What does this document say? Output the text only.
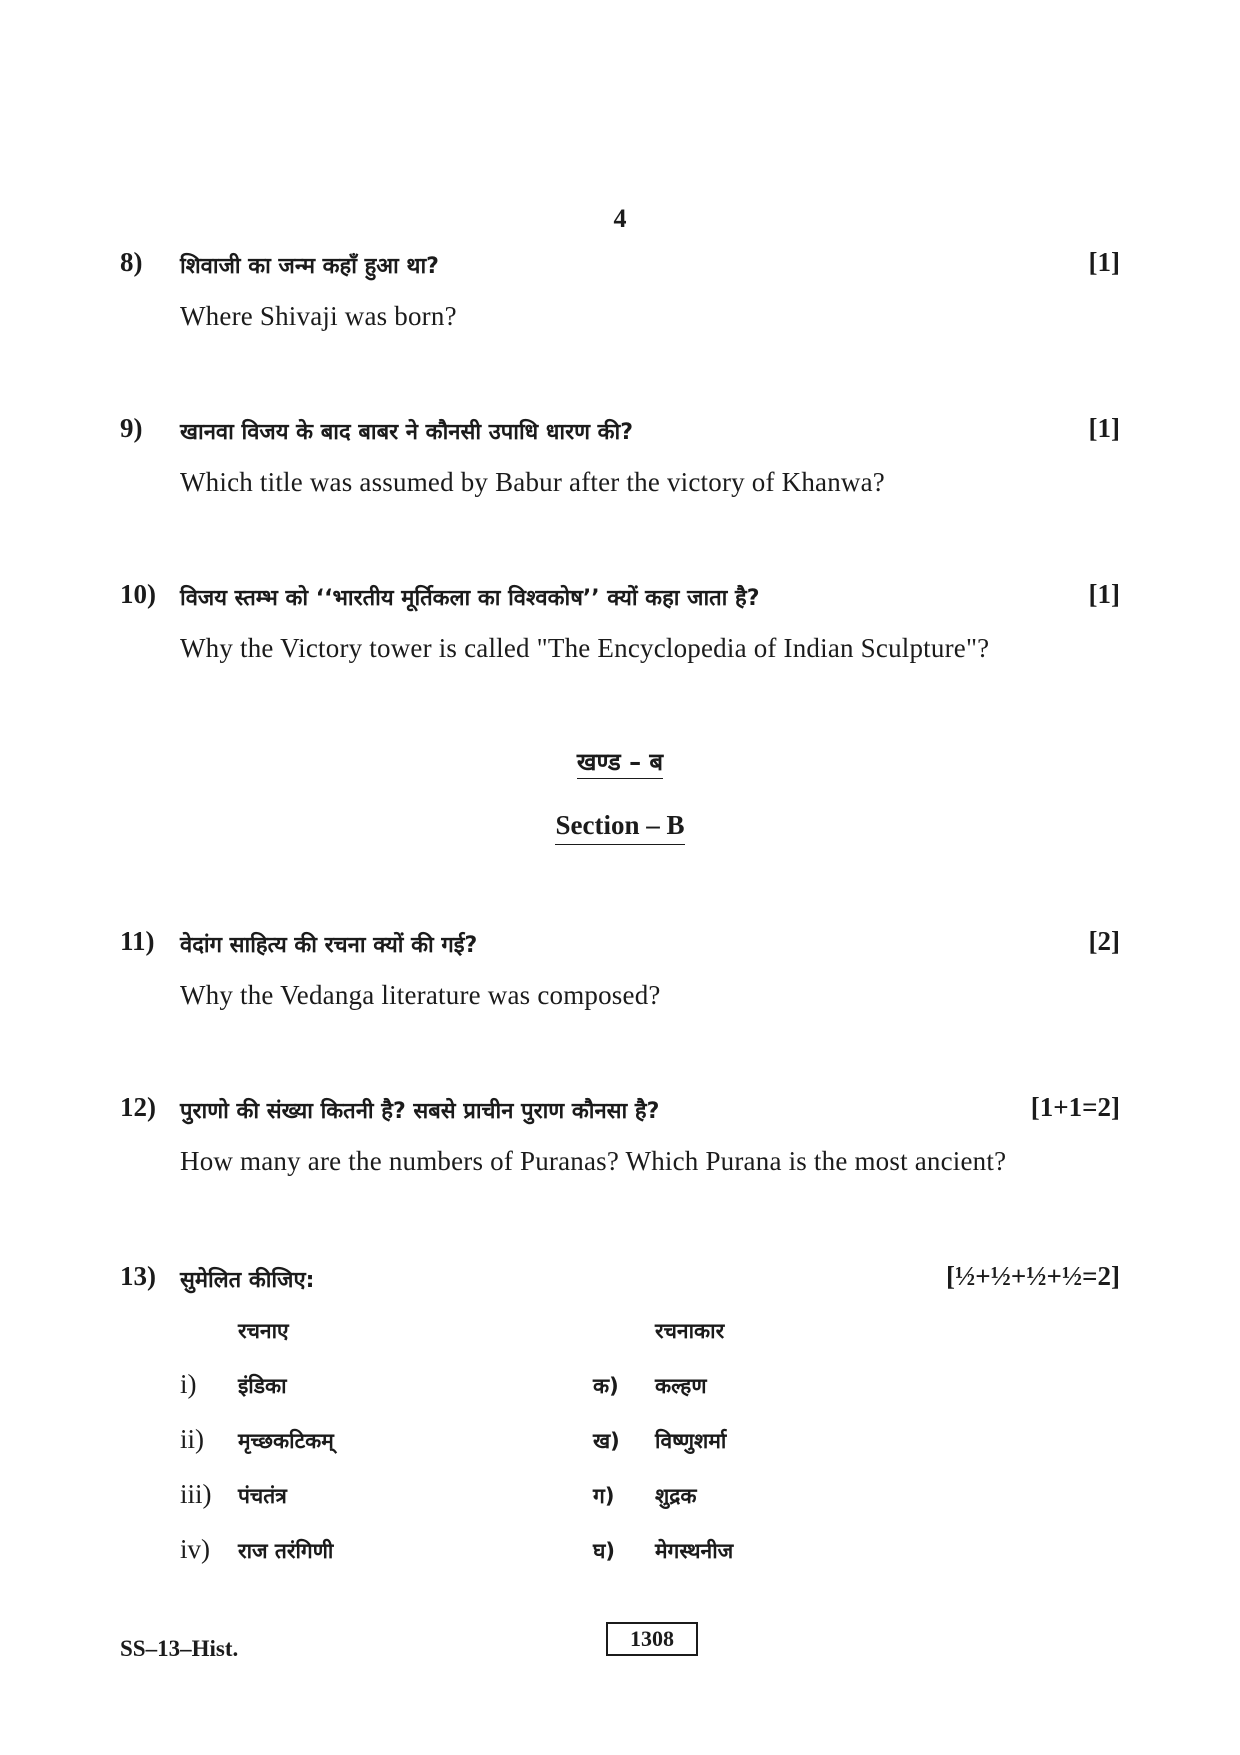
4
8) शिवाजी का जन्म कहाँ हुआ था?	[1]
Where Shivaji was born?
9) खानवा विजय के बाद बाबर ने कौनसी उपाधि धारण की?	[1]
Which title was assumed by Babur after the victory of Khanwa?
10) विजय स्तम्भ को ‘‘भारतीय मूर्तिकला का विश्वकोष’’ क्यों कहा जाता है?	[1]
Why the Victory tower is called "The Encyclopedia of Indian Sculpture"?
खण्ड – ब
Section – B
11) वेदांग साहित्य की रचना क्यों की गई?	[2]
Why the Vedanga literature was composed?
12) पुराणो की संख्या कितनी है? सबसे प्राचीन पुराण कौनसा है?	[1+1=2]
How many are the numbers of Puranas? Which Purana is the most ancient?
13) सुमेलित कीजिए:	[½+½+½+½=2]
रचनाए	रचनाकार
i) इंडिका	क) कल्हण
ii) मृच्छकटिकम्	ख) विष्णुशर्मा
iii) पंचतंत्र	ग) शुद्रक
iv) राज तरंगिणी	घ) मेगस्थनीज
SS–13–Hist.	1308
